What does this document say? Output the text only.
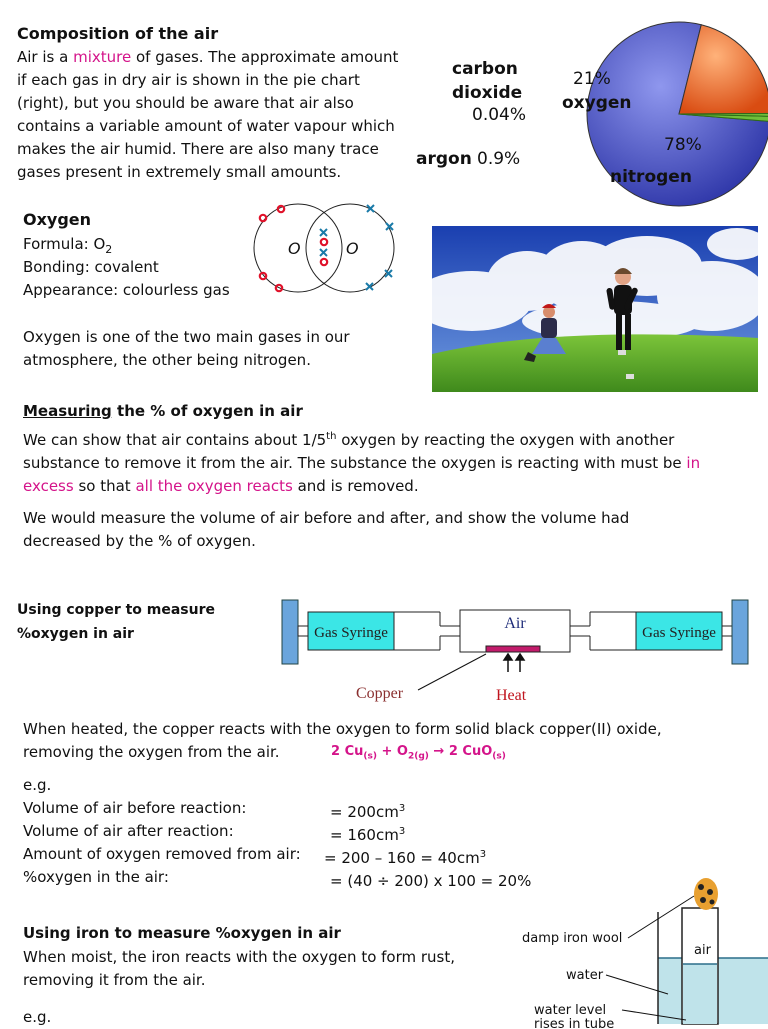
Composition of the air
Air is a mixture of gases. The approximate amount if each gas in dry air is shown in the pie chart (right), but you should be aware that air also contains a variable amount of water vapour which makes the air humid. There are also many trace gases present in extremely small amounts.
carbon
dioxide
0.04%
argon 0.9%
21%
oxygen
78%
nitrogen
Oxygen
Formula: $O_2$
Bonding: covalent
Appearance: colourless gas
O	O
Oxygen is one of the two main gases in our atmosphere, the other being nitrogen.
Measuring the % of oxygen in air
We can show that air contains about 1/5th oxygen by reacting the oxygen with another substance to remove it from the air. The substance the oxygen is reacting with must be in excess so that all the oxygen reacts and is removed.
We would measure the volume of air before and after, and show the volume had decreased by the % of oxygen.
Using copper to measure
%oxygen in air	Gas Syringe
Air
Gas Syringe
Heat
Copper
When heated, the copper reacts with the oxygen to form solid black copper(II) oxide,
removing the oxygen from the air.	2 $Cu_{(s)} + O_{2(g)} \to 2$ CuO$_{(s)}$
e.g.
Volume of air before reaction:	= $200cm^3$
Volume of air after reaction:	= $160cm^3$
Amount of oxygen removed from air: = $200 - 160 = 40cm^3$
%oxygen in the air:	= (40 ÷ 200) x 100 = 20%
Using iron to measure %oxygen in air
When moist, the iron reacts with the oxygen to form rust,
removing it from the air.
e.g.
air
damp iron wool
water
water level
rises in tube
